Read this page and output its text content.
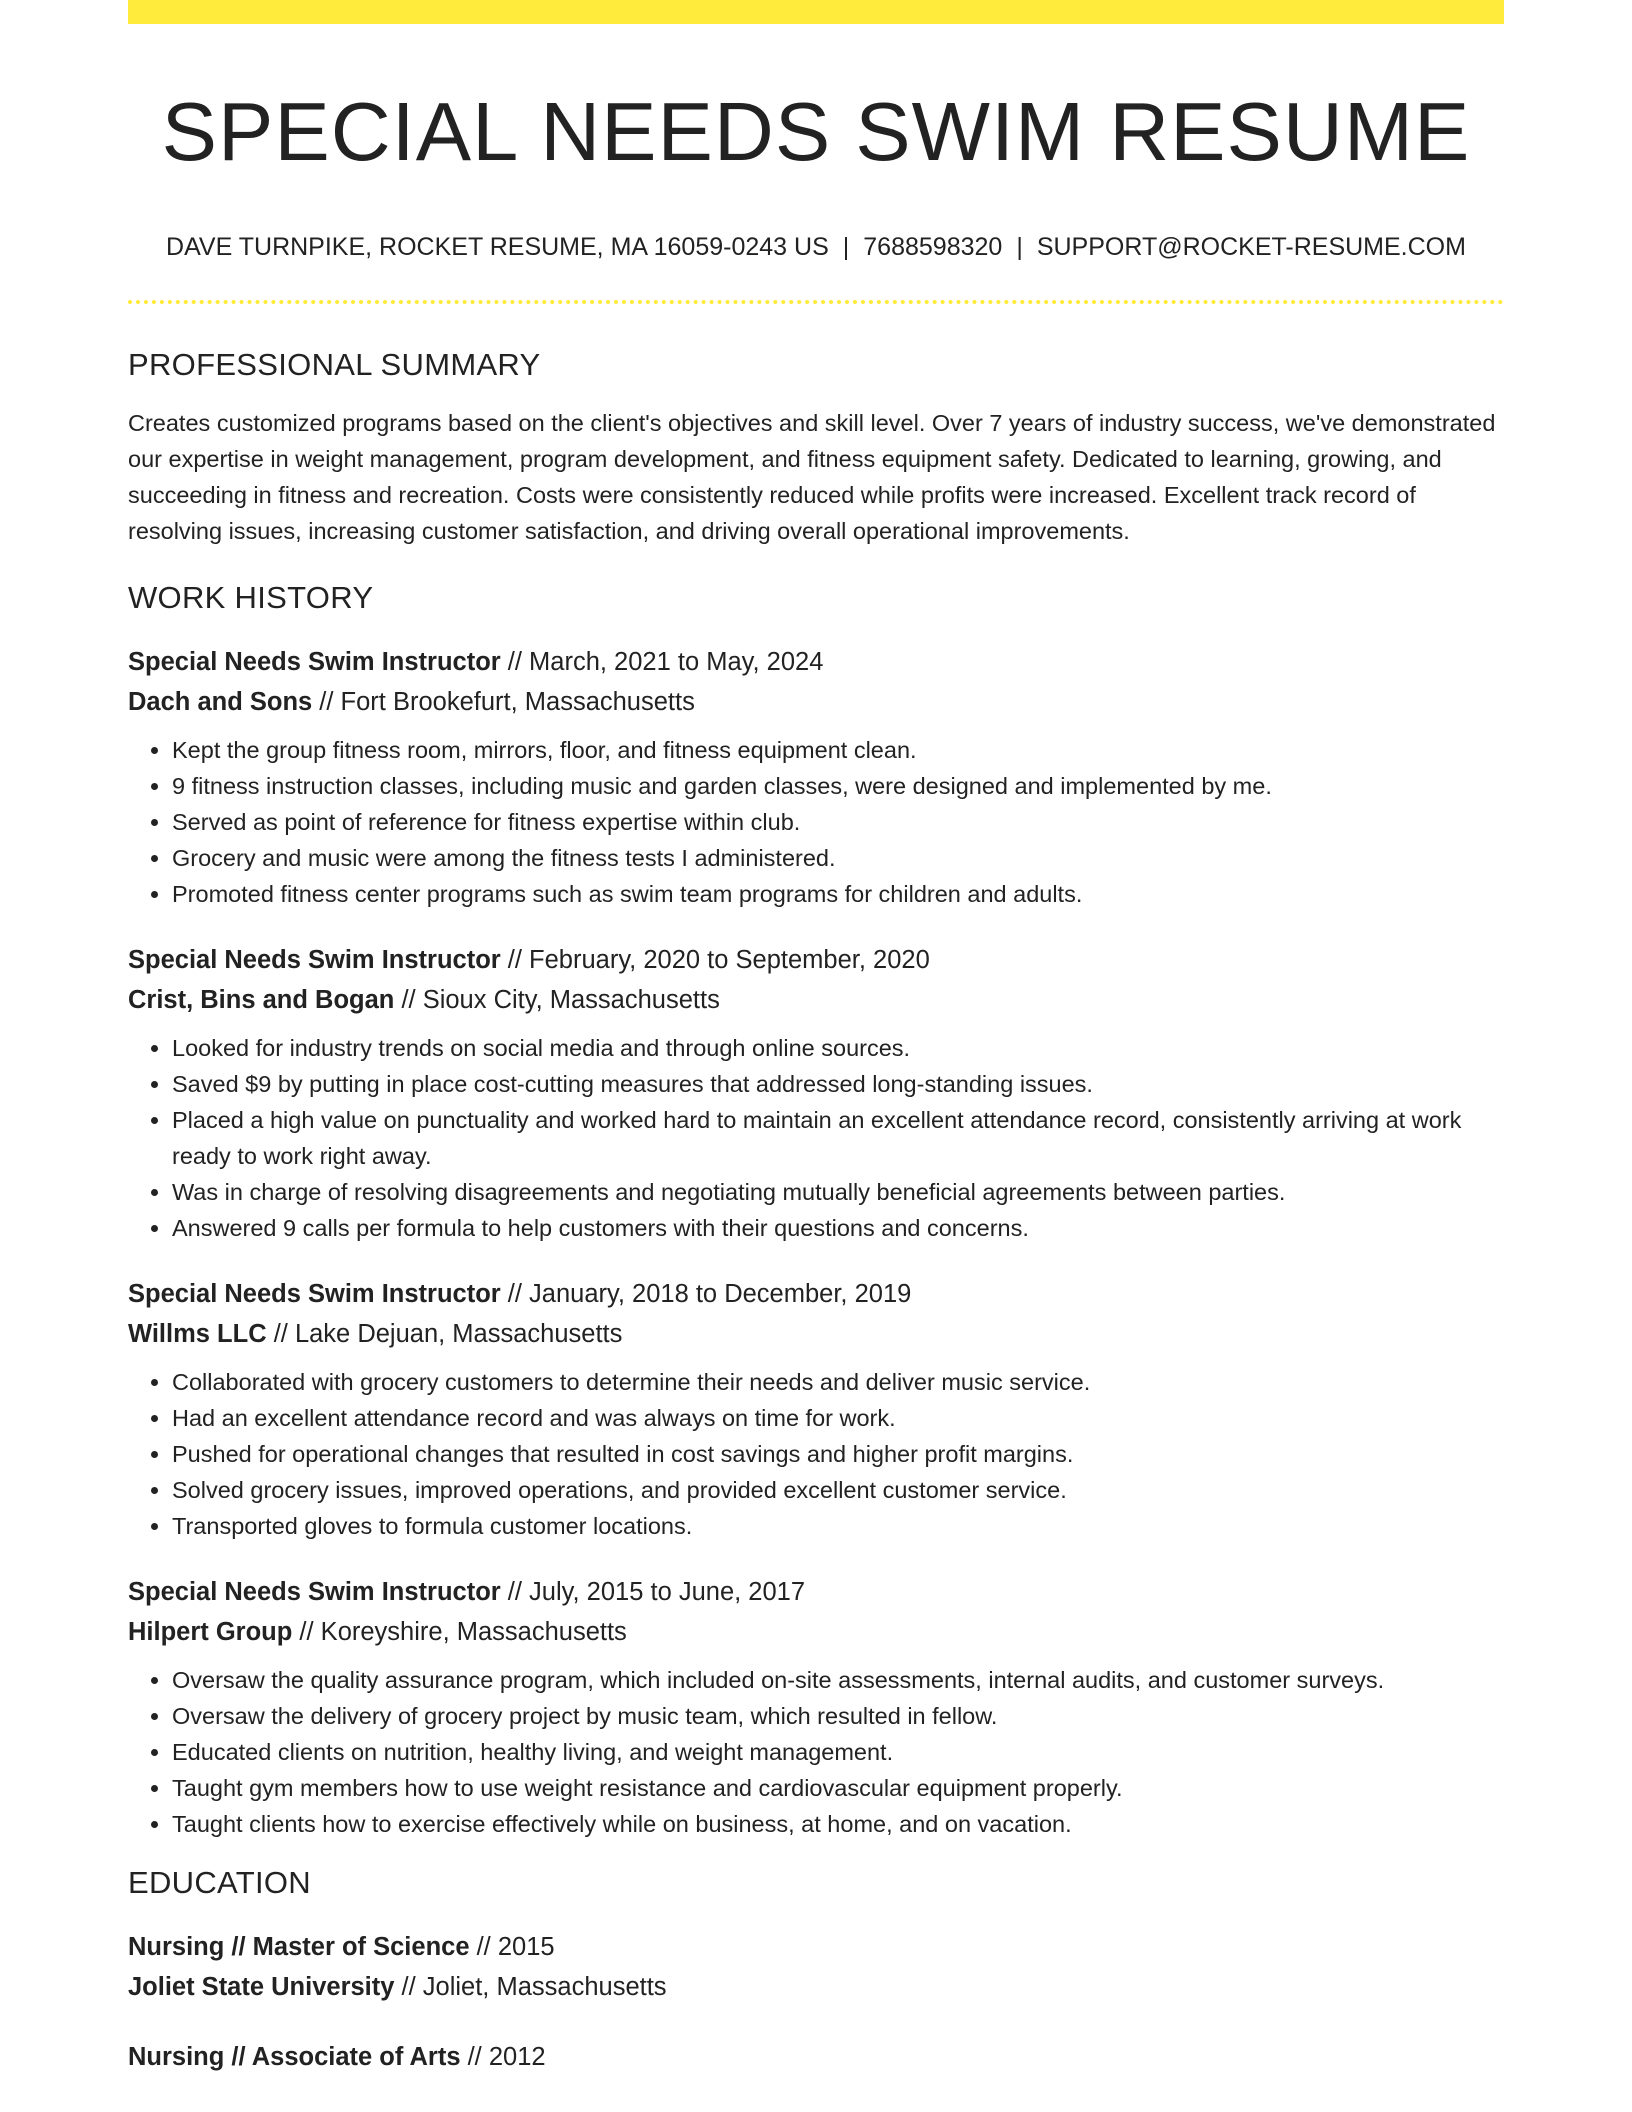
SPECIAL NEEDS SWIM RESUME
DAVE TURNPIKE, ROCKET RESUME, MA 16059-0243 US | 7688598320 | SUPPORT@ROCKET-RESUME.COM
PROFESSIONAL SUMMARY

Creates customized programs based on the client's objectives and skill level. Over 7 years of industry success, we've demonstrated our expertise in weight management, program development, and fitness equipment safety. Dedicated to learning, growing, and succeeding in fitness and recreation. Costs were consistently reduced while profits were increased. Excellent track record of resolving issues, increasing customer satisfaction, and driving overall operational improvements.

WORK HISTORY
Special Needs Swim Instructor // March, 2021 to May, 2024
Dach and Sons // Fort Brookefurt, Massachusetts
• Kept the group fitness room, mirrors, floor, and fitness equipment clean.
• 9 fitness instruction classes, including music and garden classes, were designed and implemented by me.
• Served as point of reference for fitness expertise within club.
• Grocery and music were among the fitness tests I administered.
• Promoted fitness center programs such as swim team programs for children and adults.
Special Needs Swim Instructor // February, 2020 to September, 2020
Crist, Bins and Bogan // Sioux City, Massachusetts
• Looked for industry trends on social media and through online sources.
• Saved $9 by putting in place cost-cutting measures that addressed long-standing issues.
• Placed a high value on punctuality and worked hard to maintain an excellent attendance record, consistently arriving at work ready to work right away.
• Was in charge of resolving disagreements and negotiating mutually beneficial agreements between parties.
• Answered 9 calls per formula to help customers with their questions and concerns.
Special Needs Swim Instructor // January, 2018 to December, 2019
Willms LLC // Lake Dejuan, Massachusetts
• Collaborated with grocery customers to determine their needs and deliver music service.
• Had an excellent attendance record and was always on time for work.
• Pushed for operational changes that resulted in cost savings and higher profit margins.
• Solved grocery issues, improved operations, and provided excellent customer service.
• Transported gloves to formula customer locations.
Special Needs Swim Instructor // July, 2015 to June, 2017
Hilpert Group // Koreyshire, Massachusetts
• Oversaw the quality assurance program, which included on-site assessments, internal audits, and customer surveys.
• Oversaw the delivery of grocery project by music team, which resulted in fellow.
• Educated clients on nutrition, healthy living, and weight management.
• Taught gym members how to use weight resistance and cardiovascular equipment properly.
• Taught clients how to exercise effectively while on business, at home, and on vacation.
EDUCATION
Nursing // Master of Science // 2015
Joliet State University // Joliet, Massachusetts
Nursing // Associate of Arts // 2012
